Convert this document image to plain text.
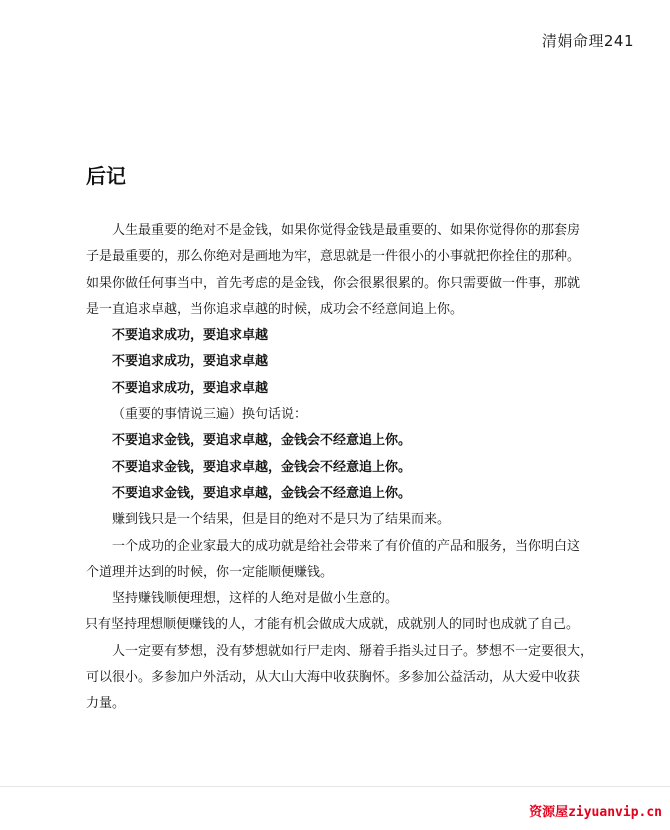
清娟命理241
后记
人生最重要的绝对不是金钱，如果你觉得金钱是最重要的、如果你觉得你的那套房
子是最重要的，那么你绝对是画地为牢，意思就是一件很小的小事就把你拴住的那种。
如果你做任何事当中，首先考虑的是金钱，你会很累很累的。你只需要做一件事，那就
是一直追求卓越，当你追求卓越的时候，成功会不经意间追上你。
不要追求成功，要追求卓越
不要追求成功，要追求卓越
不要追求成功，要追求卓越
（重要的事情说三遍）换句话说：
不要追求金钱，要追求卓越，金钱会不经意追上你。
不要追求金钱，要追求卓越，金钱会不经意追上你。
不要追求金钱，要追求卓越，金钱会不经意追上你。
赚到钱只是一个结果，但是目的绝对不是只为了结果而来。
一个成功的企业家最大的成功就是给社会带来了有价值的产品和服务，当你明白这
个道理并达到的时候，你一定能顺便赚钱。
坚持赚钱顺便理想，这样的人绝对是做小生意的。
只有坚持理想顺便赚钱的人，才能有机会做成大成就，成就别人的同时也成就了自己。
人一定要有梦想，没有梦想就如行尸走肉、掰着手指头过日子。梦想不一定要很大，
可以很小。多参加户外活动，从大山大海中收获胸怀。多参加公益活动，从大爱中收获
力量。
资源屋ziyuanvip.cn
